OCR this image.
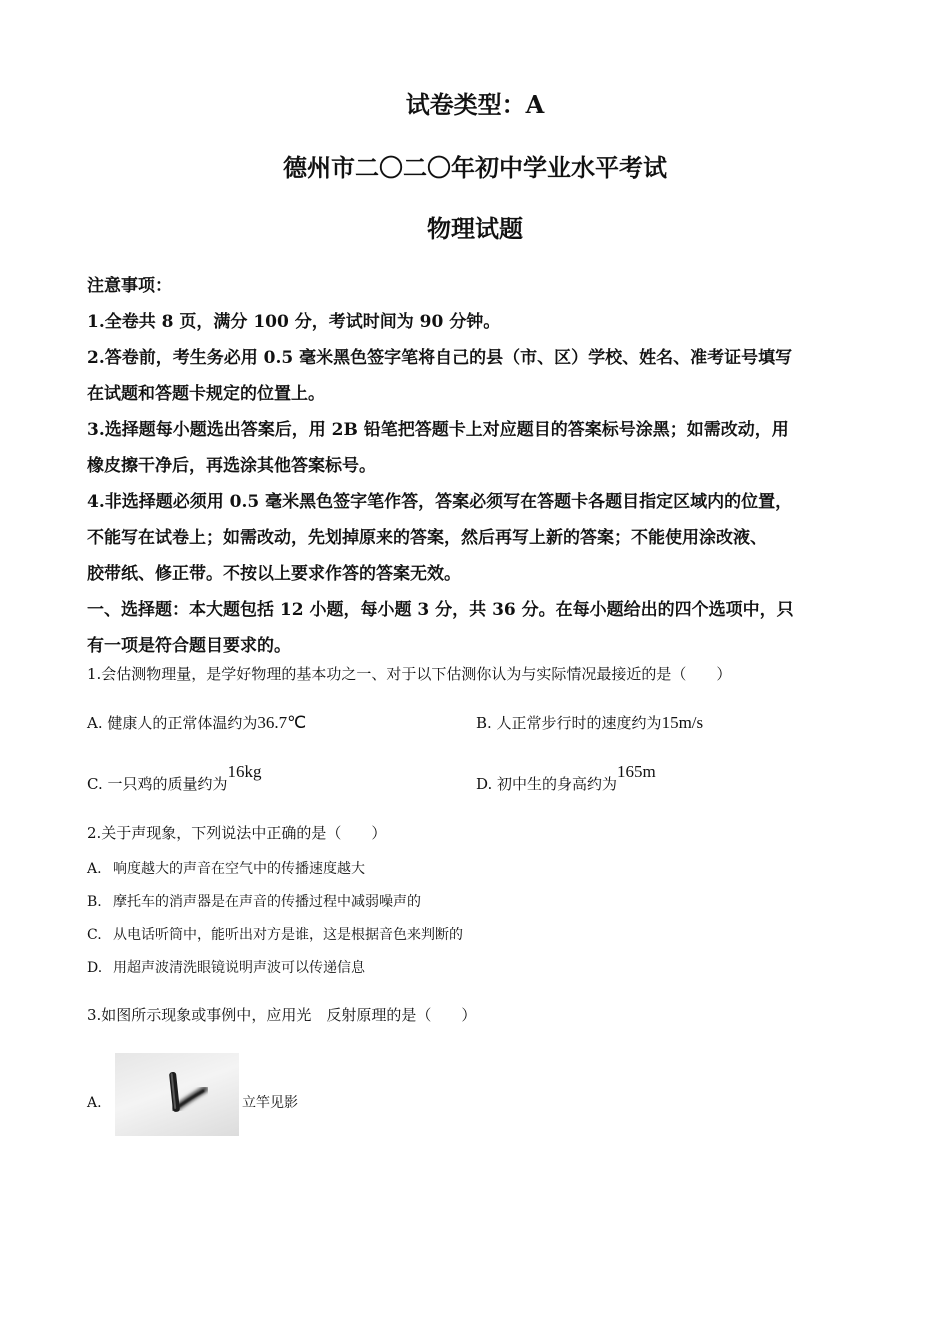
试卷类型：A
德州市二〇二〇年初中学业水平考试
物理试题

注意事项：

1.全卷共 8 页，满分 100 分，考试时间为 90 分钟。

2.答卷前，考生务必用 0.5 毫米黑色签字笔将自己的县（市、区）学校、姓名、准考证号填写

在试题和答题卡规定的位置上。

3.选择题每小题选出答案后，用 2B 铅笔把答题卡上对应题目的答案标号涂黑；如需改动，用

橡皮擦干净后，再选涂其他答案标号。

4.非选择题必须用 0.5 毫米黑色签字笔作答，答案必须写在答题卡各题目指定区域内的位置，

不能写在试卷上；如需改动，先划掉原来的答案，然后再写上新的答案；不能使用涂改液、

胶带纸、修正带。不按以上要求作答的答案无效。

一、选择题：本大题包括 12 小题，每小题 3 分，共 36 分。在每小题给出的四个选项中，只

有一项是符合题目要求的。

1.会估测物理量，是学好物理的基本功之一、对于以下估测你认为与实际情况最接近的是（　　）
A. 健康人的正常体温约为36.7℃	B. 人正常步行时的速度约为15m/s
C. 一只鸡的质量约为16kg
D. 初中生的身高约为165m
2.关于声现象，下列说法中正确的是（　　）
A. 响度越大的声音在空气中的传播速度越大
B. 摩托车的消声器是在声音的传播过程中减弱噪声的
C. 从电话听筒中，能听出对方是谁，这是根据音色来判断的
D. 用超声波清洗眼镜说明声波可以传递信息
3.如图所示现象或事例中，应用光　反射原理的是（　　）
A.	立竿见影
